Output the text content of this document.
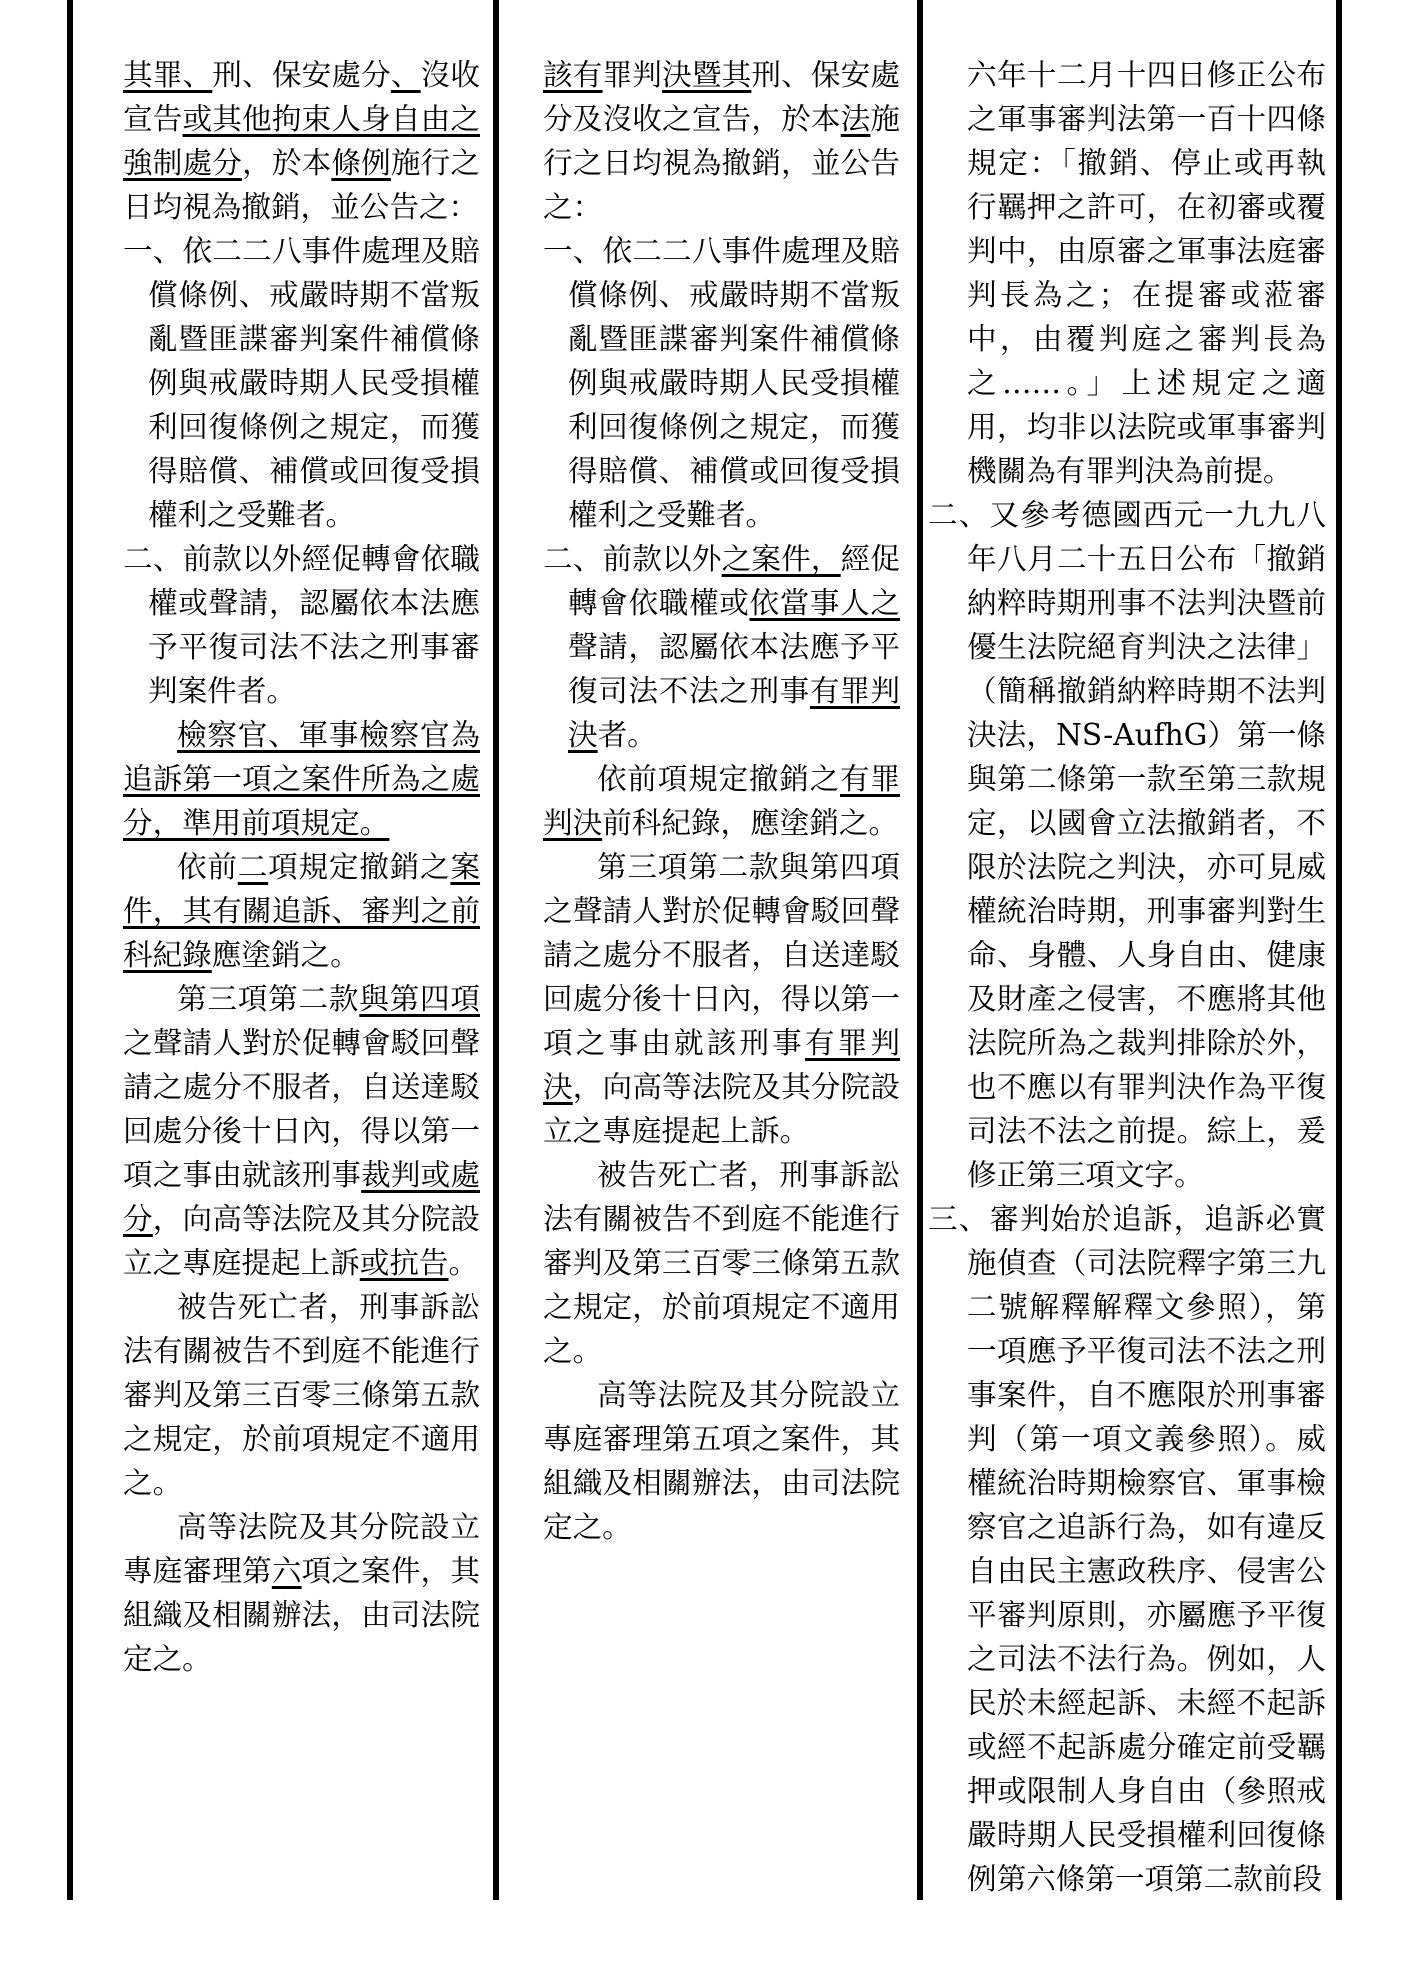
其罪、刑、保安處分、沒收宣告或其他拘束人身自由之強制處分，於本條例施行之日均視為撤銷，並公告之：

一、依二二八事件處理及賠償條例、戒嚴時期不當叛亂暨匪諜審判案件補償條例與戒嚴時期人民受損權利回復條例之規定，而獲得賠償、補償或回復受損權利之受難者。

二、前款以外經促轉會依職權或聲請，認屬依本法應予平復司法不法之刑事審判案件者。

檢察官、軍事檢察官為追訴第一項之案件所為之處分，準用前項規定。

依前二項規定撤銷之案件，其有關追訴、審判之前科紀錄應塗銷之。

第三項第二款與第四項之聲請人對於促轉會駁回聲請之處分不服者，自送達駁回處分後十日內，得以第一項之事由就該刑事裁判或處分，向高等法院及其分院設立之專庭提起上訴或抗告。

被告死亡者，刑事訴訟法有關被告不到庭不能進行審判及第三百零三條第五款之規定，於前項規定不適用之。

高等法院及其分院設立專庭審理第六項之案件，其組織及相關辦法，由司法院定之。

該有罪判決暨其刑、保安處分及沒收之宣告，於本法施行之日均視為撤銷，並公告之：

一、依二二八事件處理及賠償條例、戒嚴時期不當叛亂暨匪諜審判案件補償條例與戒嚴時期人民受損權利回復條例之規定，而獲得賠償、補償或回復受損權利之受難者。

二、前款以外之案件，經促轉會依職權或依當事人之聲請，認屬依本法應予平復司法不法之刑事有罪判決者。

依前項規定撤銷之有罪判決前科紀錄，應塗銷之。

第三項第二款與第四項之聲請人對於促轉會駁回聲請之處分不服者，自送達駁回處分後十日內，得以第一項之事由就該刑事有罪判決，向高等法院及其分院設立之專庭提起上訴。

被告死亡者，刑事訴訟法有關被告不到庭不能進行審判及第三百零三條第五款之規定，於前項規定不適用之。

高等法院及其分院設立專庭審理第五項之案件，其組織及相關辦法，由司法院定之。

六年十二月十四日修正公布之軍事審判法第一百十四條規定：「撤銷、停止或再執行羈押之許可，在初審或覆判中，由原審之軍事法庭審判長為之；在提審或蒞審中，由覆判庭之審判長為之……。」上述規定之適用，均非以法院或軍事審判機關為有罪判決為前提。

二、又參考德國西元一九九八年八月二十五日公布「撤銷納粹時期刑事不法判決暨前優生法院絕育判決之法律」（簡稱撤銷納粹時期不法判決法，NS-AufhG）第一條與第二條第一款至第三款規定，以國會立法撤銷者，不限於法院之判決，亦可見威權統治時期，刑事審判對生命、身體、人身自由、健康及財產之侵害，不應將其他法院所為之裁判排除於外，也不應以有罪判決作為平復司法不法之前提。綜上，爰修正第三項文字。

三、審判始於追訴，追訴必實施偵查（司法院釋字第三九二號解釋解釋文參照），第一項應予平復司法不法之刑事案件，自不應限於刑事審判（第一項文義參照）。威權統治時期檢察官、軍事檢察官之追訴行為，如有違反自由民主憲政秩序、侵害公平審判原則，亦屬應予平復之司法不法行為。例如，人民於未經起訴、未經不起訴或經不起訴處分確定前受羈押或限制人身自由（參照戒嚴時期人民受損權利回復條例第六條第一項第二款前段
